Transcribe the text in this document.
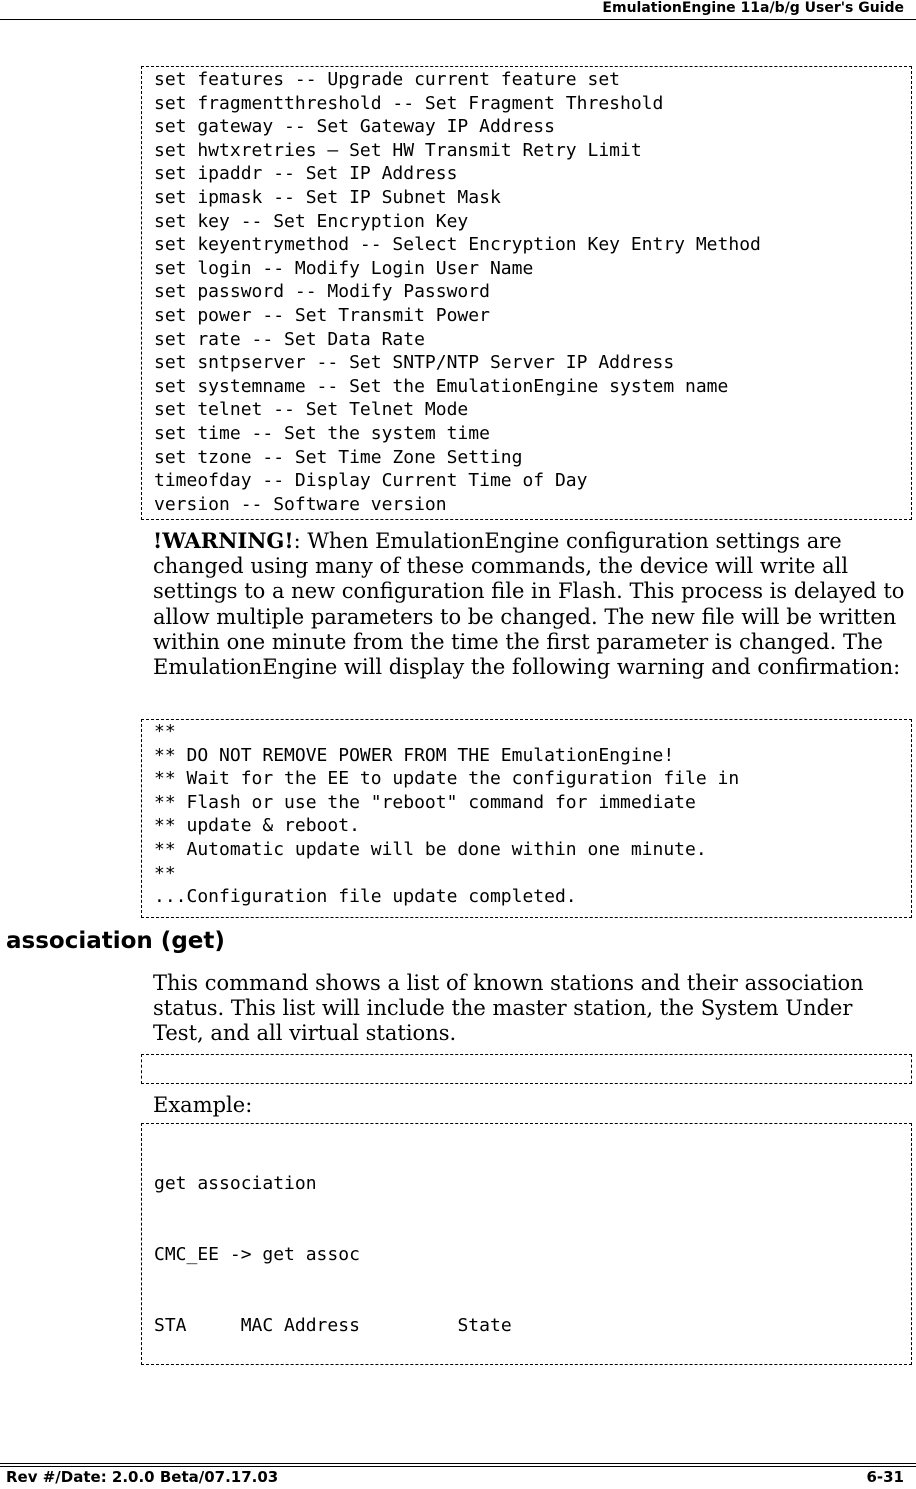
EmulationEngine 11a/b/g User's Guide
set features -- Upgrade current feature set
set fragmentthreshold -- Set Fragment Threshold
set gateway -- Set Gateway IP Address
set hwtxretries – Set HW Transmit Retry Limit
set ipaddr -- Set IP Address
set ipmask -- Set IP Subnet Mask
set key -- Set Encryption Key
set keyentrymethod -- Select Encryption Key Entry Method
set login -- Modify Login User Name
set password -- Modify Password
set power -- Set Transmit Power
set rate -- Set Data Rate
set sntpserver -- Set SNTP/NTP Server IP Address
set systemname -- Set the EmulationEngine system name
set telnet -- Set Telnet Mode
set time -- Set the system time
set tzone -- Set Time Zone Setting
timeofday -- Display Current Time of Day
version -- Software version
!WARNING!: When EmulationEngine configuration settings are changed using many of these commands, the device will write all settings to a new configuration file in Flash. This process is delayed to allow multiple parameters to be changed. The new file will be written within one minute from the time the first parameter is changed. The EmulationEngine will display the following warning and confirmation:
**
** DO NOT REMOVE POWER FROM THE EmulationEngine!
** Wait for the EE to update the configuration file in
** Flash or use the "reboot" command for immediate
** update & reboot.
** Automatic update will be done within one minute.
**
...Configuration file update completed.
association (get)
This command shows a list of known stations and their association status. This list will include the master station, the System Under Test, and all virtual stations.

Example:

get association

CMC_EE -> get assoc

STA	MAC Address	State

Rev #/Date: 2.0.0 Beta/07.17.03	6-31
